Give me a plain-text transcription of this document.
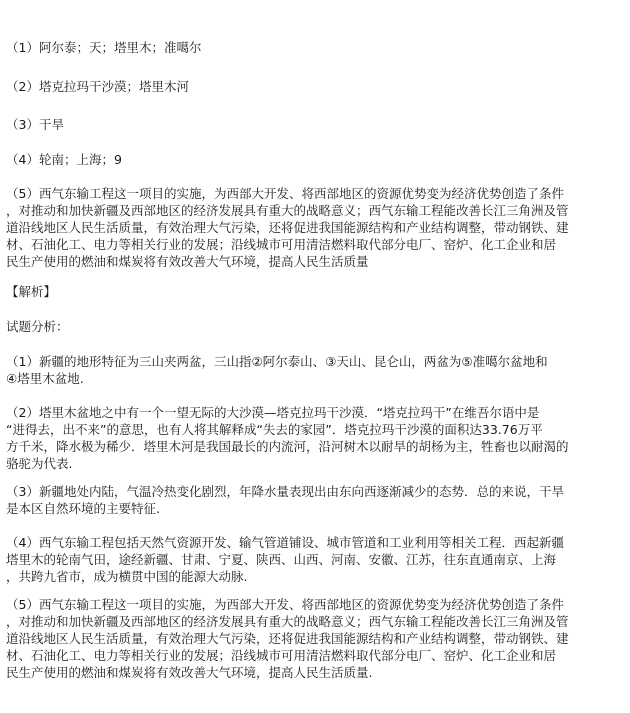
（1）阿尔泰；天；塔里木；准噶尔
（2）塔克拉玛干沙漠；塔里木河
（3）干旱
（4）轮南；上海；9
（5）西气东输工程这一项目的实施，为西部大开发、将西部地区的资源优势变为经济优势创造了条件
，对推动和加快新疆及西部地区的经济发展具有重大的战略意义；西气东输工程能改善长江三角洲及管
道沿线地区人民生活质量，有效治理大气污染，还将促进我国能源结构和产业结构调整，带动钢铁、建
材、石油化工、电力等相关行业的发展；沿线城市可用清洁燃料取代部分电厂、窑炉、化工企业和居
民生产使用的燃油和煤炭将有效改善大气环境，提高人民生活质量
【解析】
试题分析：
（1）新疆的地形特征为三山夹两盆，三山指②阿尔泰山、③天山、昆仑山，两盆为⑤准噶尔盆地和
④塔里木盆地.
（2）塔里木盆地之中有一个一望无际的大沙漠—塔克拉玛干沙漠．“塔克拉玛干”在维吾尔语中是
“进得去，出不来”的意思，也有人将其解释成“失去的家园”．塔克拉玛干沙漠的面积达33.76万平
方千米，降水极为稀少．塔里木河是我国最长的内流河，沿河树木以耐旱的胡杨为主，牲畜也以耐渴的
骆驼为代表.
（3）新疆地处内陆，气温冷热变化剧烈，年降水量表现出由东向西逐渐减少的态势．总的来说，干旱
是本区自然环境的主要特征.
（4）西气东输工程包括天然气资源开发、输气管道铺设、城市管道和工业利用等相关工程．西起新疆
塔里木的轮南气田，途经新疆、甘肃、宁夏、陕西、山西、河南、安徽、江苏，往东直通南京、上海
，共跨九省市，成为横贯中国的能源大动脉.
（5）西气东输工程这一项目的实施，为西部大开发、将西部地区的资源优势变为经济优势创造了条件
，对推动和加快新疆及西部地区的经济发展具有重大的战略意义；西气东输工程能改善长江三角洲及管
道沿线地区人民生活质量，有效治理大气污染，还将促进我国能源结构和产业结构调整，带动钢铁、建
材、石油化工、电力等相关行业的发展；沿线城市可用清洁燃料取代部分电厂、窑炉、化工企业和居
民生产使用的燃油和煤炭将有效改善大气环境，提高人民生活质量.
